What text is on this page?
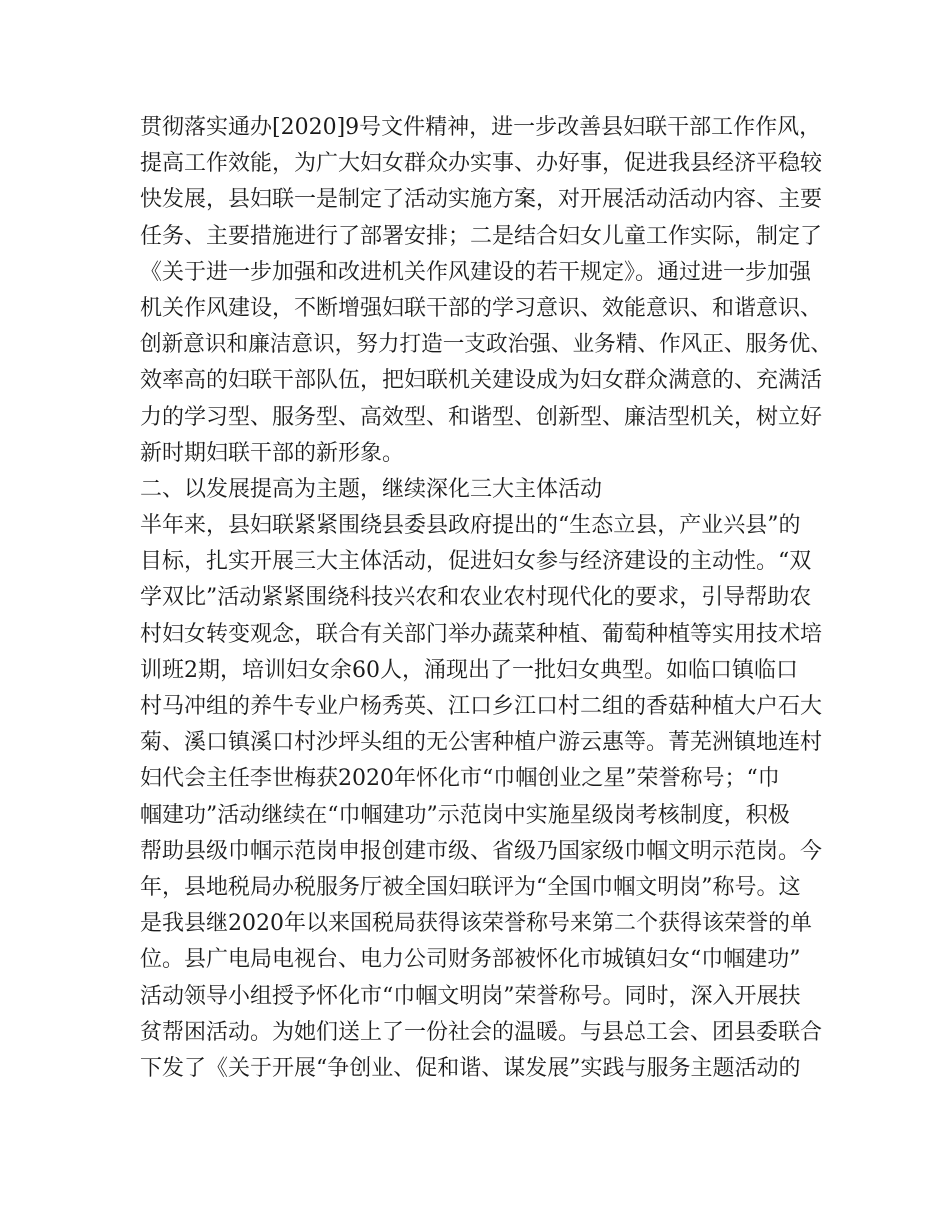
贯彻落实通办[2020]9号文件精神，进一步改善县妇联干部工作作风，
提高工作效能，为广大妇女群众办实事、办好事，促进我县经济平稳较
快发展，县妇联一是制定了活动实施方案，对开展活动活动内容、主要
任务、主要措施进行了部署安排；二是结合妇女儿童工作实际，制定了
《关于进一步加强和改进机关作风建设的若干规定》。通过进一步加强
机关作风建设，不断增强妇联干部的学习意识、效能意识、和谐意识、
创新意识和廉洁意识，努力打造一支政治强、业务精、作风正、服务优、
效率高的妇联干部队伍，把妇联机关建设成为妇女群众满意的、充满活
力的学习型、服务型、高效型、和谐型、创新型、廉洁型机关，树立好
新时期妇联干部的新形象。
二、以发展提高为主题，继续深化三大主体活动
半年来，县妇联紧紧围绕县委县政府提出的“生态立县，产业兴县”的
目标，扎实开展三大主体活动，促进妇女参与经济建设的主动性。“双
学双比”活动紧紧围绕科技兴农和农业农村现代化的要求，引导帮助农
村妇女转变观念，联合有关部门举办蔬菜种植、葡萄种植等实用技术培
训班2期，培训妇女余60人，涌现出了一批妇女典型。如临口镇临口
村马冲组的养牛专业户杨秀英、江口乡江口村二组的香菇种植大户石大
菊、溪口镇溪口村沙坪头组的无公害种植户游云惠等。菁芜洲镇地连村
妇代会主任李世梅获2020年怀化市“巾帼创业之星”荣誉称号；“巾
帼建功”活动继续在“巾帼建功”示范岗中实施星级岗考核制度，积极
帮助县级巾帼示范岗申报创建市级、省级乃国家级巾帼文明示范岗。今
年，县地税局办税服务厅被全国妇联评为“全国巾帼文明岗”称号。这
是我县继2020年以来国税局获得该荣誉称号来第二个获得该荣誉的单
位。县广电局电视台、电力公司财务部被怀化市城镇妇女“巾帼建功”
活动领导小组授予怀化市“巾帼文明岗”荣誉称号。同时，深入开展扶
贫帮困活动。为她们送上了一份社会的温暖。与县总工会、团县委联合
下发了《关于开展“争创业、促和谐、谋发展”实践与服务主题活动的
